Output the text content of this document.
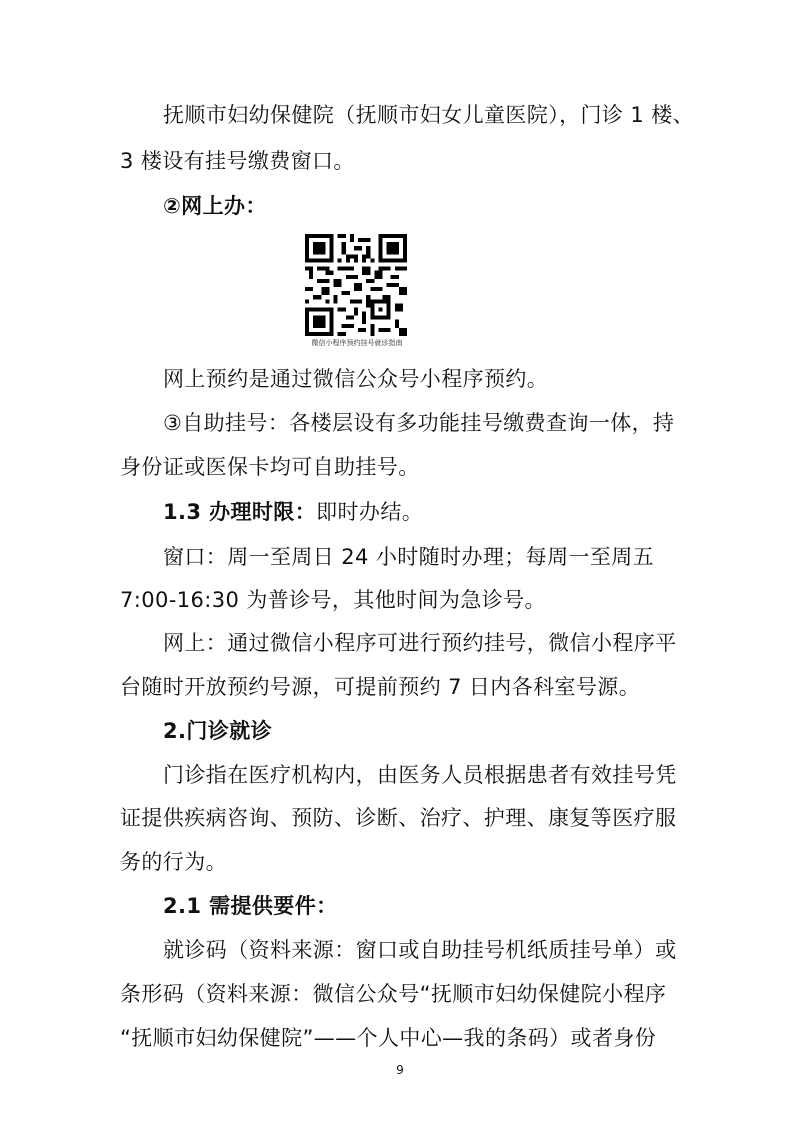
抚顺市妇幼保健院（抚顺市妇女儿童医院），门诊 1 楼、
3 楼设有挂号缴费窗口。
②网上办：
微信小程序预约挂号就诊指南
网上预约是通过微信公众号小程序预约。
③自助挂号：各楼层设有多功能挂号缴费查询一体，持
身份证或医保卡均可自助挂号。
1.3 办理时限：即时办结。
窗口：周一至周日 24 小时随时办理；每周一至周五
7:00-16:30 为普诊号，其他时间为急诊号。
网上：通过微信小程序可进行预约挂号，微信小程序平
台随时开放预约号源，可提前预约 7 日内各科室号源。
2.门诊就诊
门诊指在医疗机构内，由医务人员根据患者有效挂号凭
证提供疾病咨询、预防、诊断、治疗、护理、康复等医疗服
务的行为。
2.1 需提供要件：
就诊码（资料来源：窗口或自助挂号机纸质挂号单）或
条形码（资料来源：微信公众号“抚顺市妇幼保健院小程序
“抚顺市妇幼保健院”——个人中心—我的条码）或者身份
9
